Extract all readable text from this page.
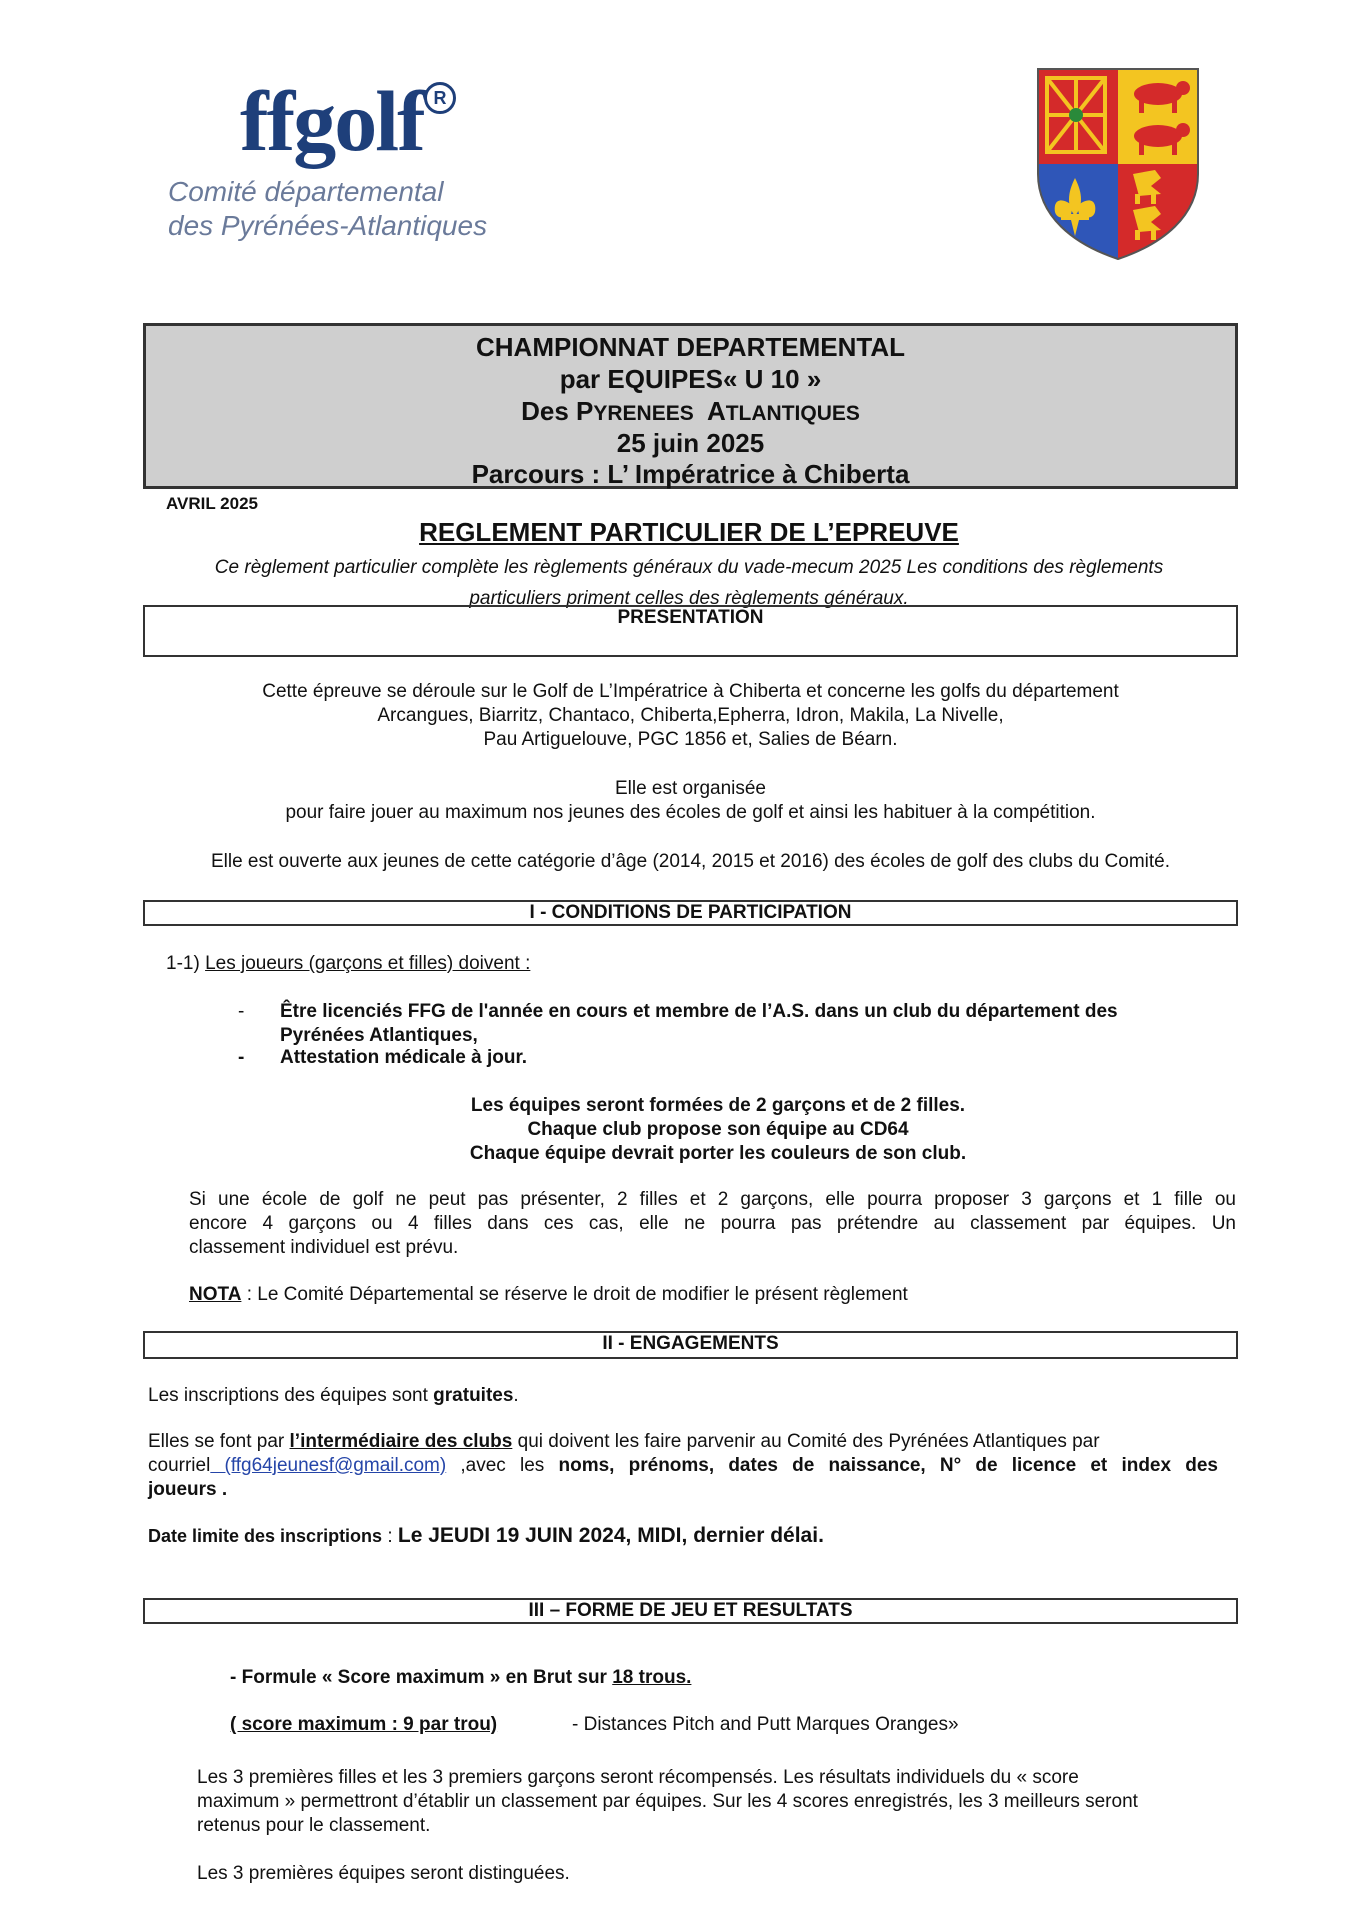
ffgolf R
Comité départemental
des Pyrénées-Atlantiques
CHAMPIONNAT DEPARTEMENTAL
par EQUIPES« U 10 »
Des PYRENEES ATLANTIQUES
25 juin 2025
Parcours : L’ Impératrice à Chiberta
AVRIL 2025
REGLEMENT PARTICULIER DE L’EPREUVE
Ce règlement particulier complète les règlements généraux du vade-mecum 2025 Les conditions des règlements
particuliers priment celles des règlements généraux.
PRESENTATION
Cette épreuve se déroule sur le Golf de L’Impératrice à Chiberta et concerne les golfs du département
Arcangues, Biarritz, Chantaco, Chiberta,Epherra, Idron, Makila, La Nivelle,
Pau Artiguelouve, PGC 1856 et, Salies de Béarn.
Elle est organisée
pour faire jouer au maximum nos jeunes des écoles de golf et ainsi les habituer à la compétition.
Elle est ouverte aux jeunes de cette catégorie d’âge (2014, 2015 et 2016) des écoles de golf des clubs du Comité.
I - CONDITIONS DE PARTICIPATION
1-1) Les joueurs (garçons et filles) doivent :
- Être licenciés FFG de l'année en cours et membre de l’A.S. dans un club du département des
Pyrénées Atlantiques,
- Attestation médicale à jour.
Les équipes seront formées de 2 garçons et de 2 filles.
Chaque club propose son équipe au CD64
Chaque équipe devrait porter les couleurs de son club.
Si une école de golf ne peut pas présenter, 2 filles et 2 garçons, elle pourra proposer 3 garçons et 1 fille ou
encore 4 garçons ou 4 filles dans ces cas, elle ne pourra pas prétendre au classement par équipes. Un
classement individuel est prévu.
NOTA : Le Comité Départemental se réserve le droit de modifier le présent règlement
II - ENGAGEMENTS
Les inscriptions des équipes sont gratuites.
Elles se font par l’intermédiaire des clubs qui doivent les faire parvenir au Comité des Pyrénées Atlantiques par
courriel (ffg64jeunesf@gmail.com) ,avec les noms, prénoms, dates de naissance, N° de licence et index des
joueurs .
Date limite des inscriptions : Le JEUDI 19 JUIN 2024, MIDI, dernier délai.
III – FORME DE JEU ET RESULTATS
- Formule « Score maximum » en Brut sur 18 trous.
( score maximum : 9 par trou)	- Distances Pitch and Putt Marques Oranges»
Les 3 premières filles et les 3 premiers garçons seront récompensés. Les résultats individuels du « score
maximum » permettront d’établir un classement par équipes. Sur les 4 scores enregistrés, les 3 meilleurs seront
retenus pour le classement.
Les 3 premières équipes seront distinguées.
